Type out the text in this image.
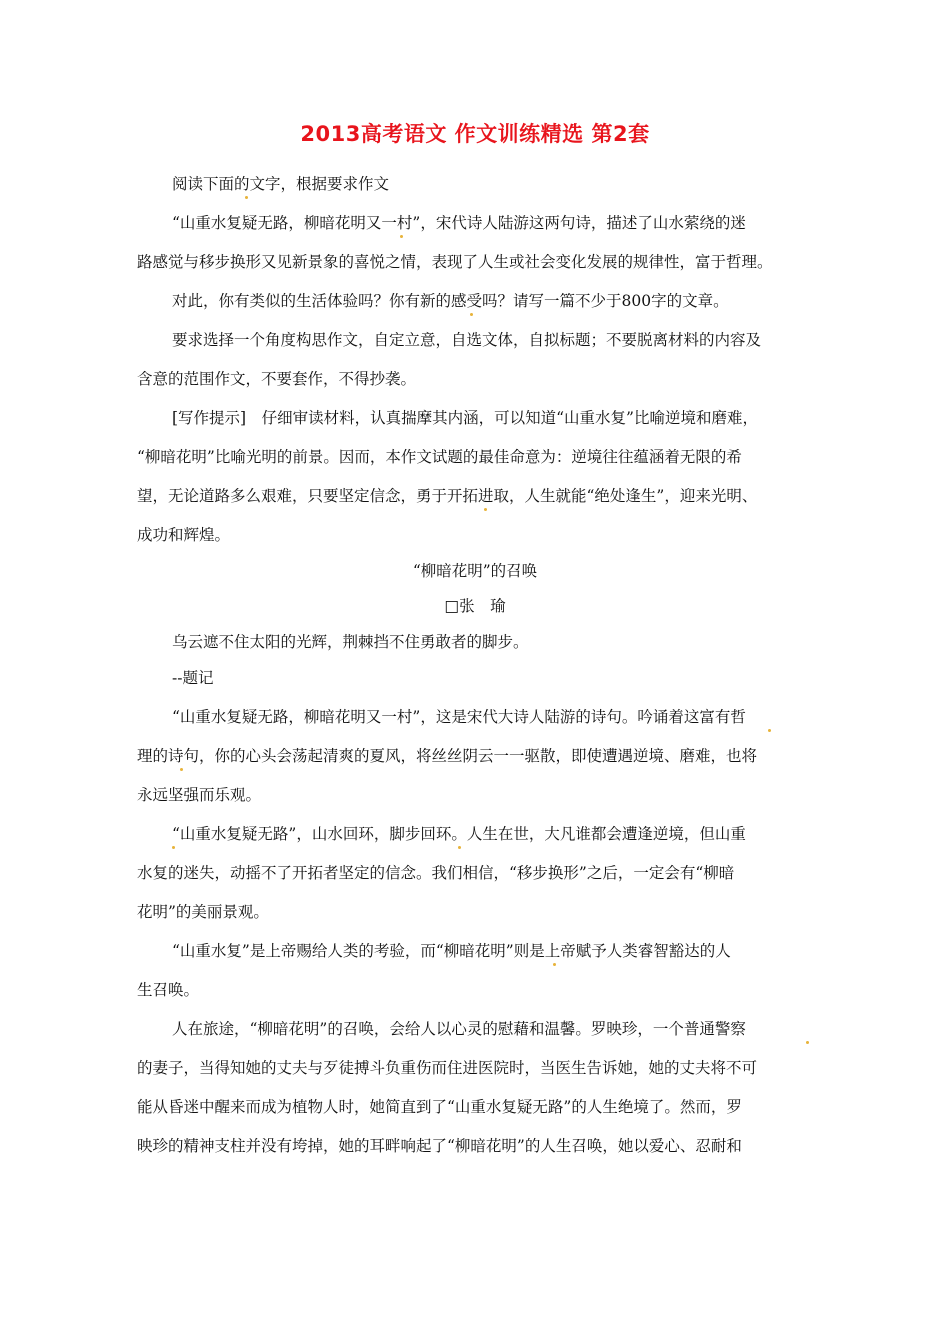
2013高考语文 作文训练精选 第2套
阅读下面的文字，根据要求作文
“山重水复疑无路，柳暗花明又一村”，宋代诗人陆游这两句诗，描述了山水萦绕的迷
路感觉与移步换形又见新景象的喜悦之情，表现了人生或社会变化发展的规律性，富于哲理。
对此，你有类似的生活体验吗？你有新的感受吗？请写一篇不少于800字的文章。
要求选择一个角度构思作文，自定立意，自选文体，自拟标题；不要脱离材料的内容及
含意的范围作文，不要套作，不得抄袭。
[写作提示]　仔细审读材料，认真揣摩其内涵，可以知道“山重水复”比喻逆境和磨难，
“柳暗花明”比喻光明的前景。因而，本作文试题的最佳命意为：逆境往往蕴涵着无限的希
望，无论道路多么艰难，只要坚定信念，勇于开拓进取，人生就能“绝处逢生”，迎来光明、
成功和辉煌。
“柳暗花明”的召唤
□张　瑜
乌云遮不住太阳的光辉，荆棘挡不住勇敢者的脚步。
--题记
“山重水复疑无路，柳暗花明又一村”，这是宋代大诗人陆游的诗句。吟诵着这富有哲
理的诗句，你的心头会荡起清爽的夏风，将丝丝阴云一一驱散，即使遭遇逆境、磨难，也将
永远坚强而乐观。
“山重水复疑无路”，山水回环，脚步回环。人生在世，大凡谁都会遭逢逆境，但山重
水复的迷失，动摇不了开拓者坚定的信念。我们相信，“移步换形”之后，一定会有“柳暗
花明”的美丽景观。
“山重水复”是上帝赐给人类的考验，而“柳暗花明”则是上帝赋予人类睿智豁达的人
生召唤。
人在旅途，“柳暗花明”的召唤，会给人以心灵的慰藉和温馨。罗映珍，一个普通警察
的妻子，当得知她的丈夫与歹徒搏斗负重伤而住进医院时，当医生告诉她，她的丈夫将不可
能从昏迷中醒来而成为植物人时，她简直到了“山重水复疑无路”的人生绝境了。然而，罗
映珍的精神支柱并没有垮掉，她的耳畔响起了“柳暗花明”的人生召唤，她以爱心、忍耐和
